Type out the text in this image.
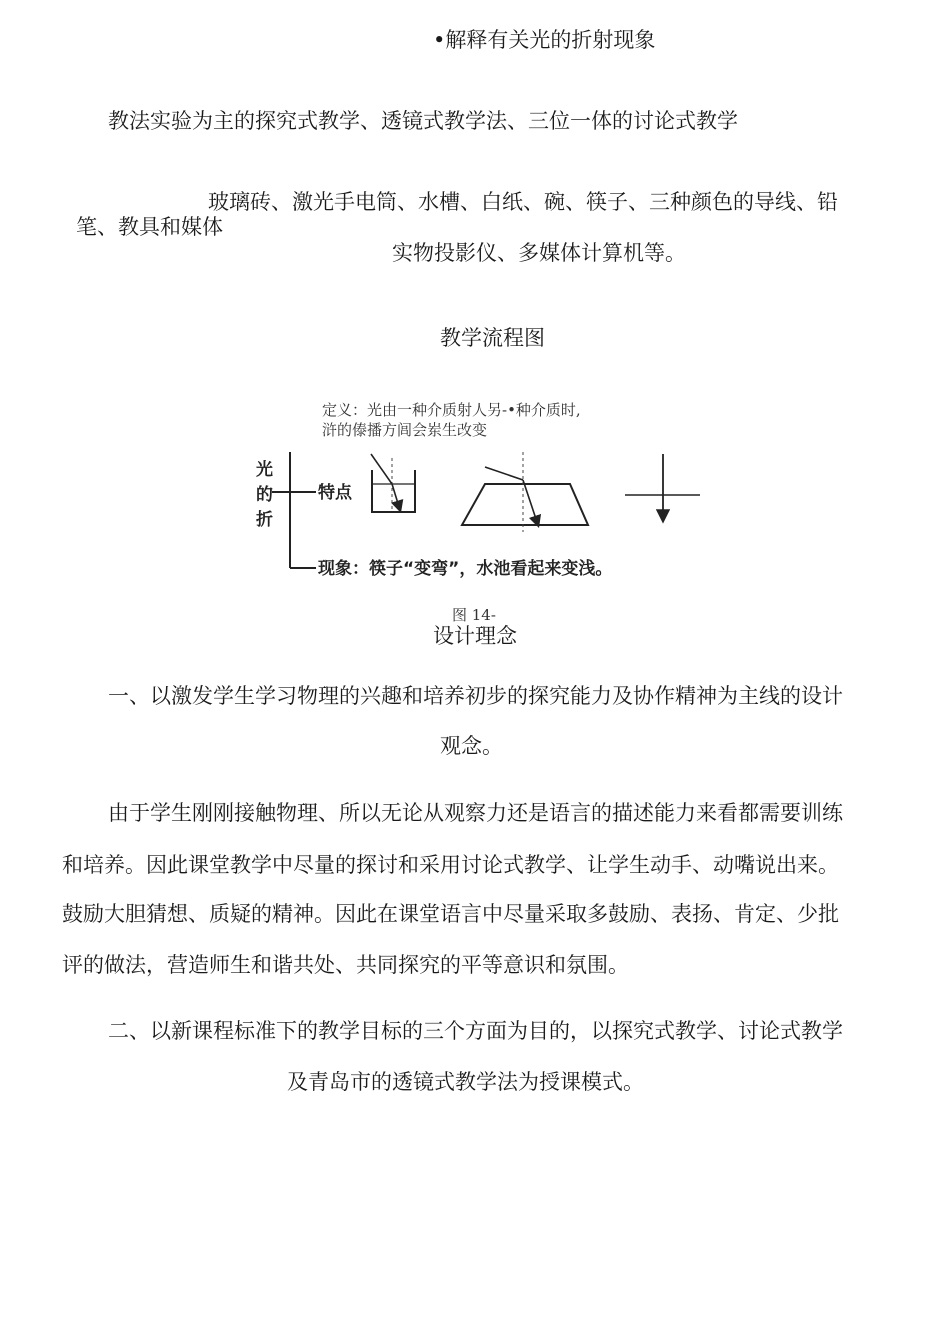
•解释有关光的折射现象
教法实验为主的探究式教学、透镜式教学法、三位一体的讨论式教学
玻璃砖、激光手电筒、水槽、白纸、碗、筷子、三种颜色的导线、铅
笔、教具和媒体
实物投影仪、多媒体计算机等。
教学流程图
定义：光由一种介质射人另-•种介质时,
浒的傣播方闾会岽生改变
光
的
折
特点
现象：筷子“变弯”，水池看起来变浅。
图 14-
设计理念
一、以激发学生学习物理的兴趣和培养初步的探究能力及协作精神为主线的设计
观念。
由于学生刚刚接触物理、所以无论从观察力还是语言的描述能力来看都需要训练
和培养。因此课堂教学中尽量的探讨和采用讨论式教学、让学生动手、动嘴说出来。
鼓励大胆猜想、质疑的精神。因此在课堂语言中尽量采取多鼓励、表扬、肯定、少批
评的做法，营造师生和谐共处、共同探究的平等意识和氛围。
二、以新课程标准下的教学目标的三个方面为目的，以探究式教学、讨论式教学
及青岛市的透镜式教学法为授课模式。
